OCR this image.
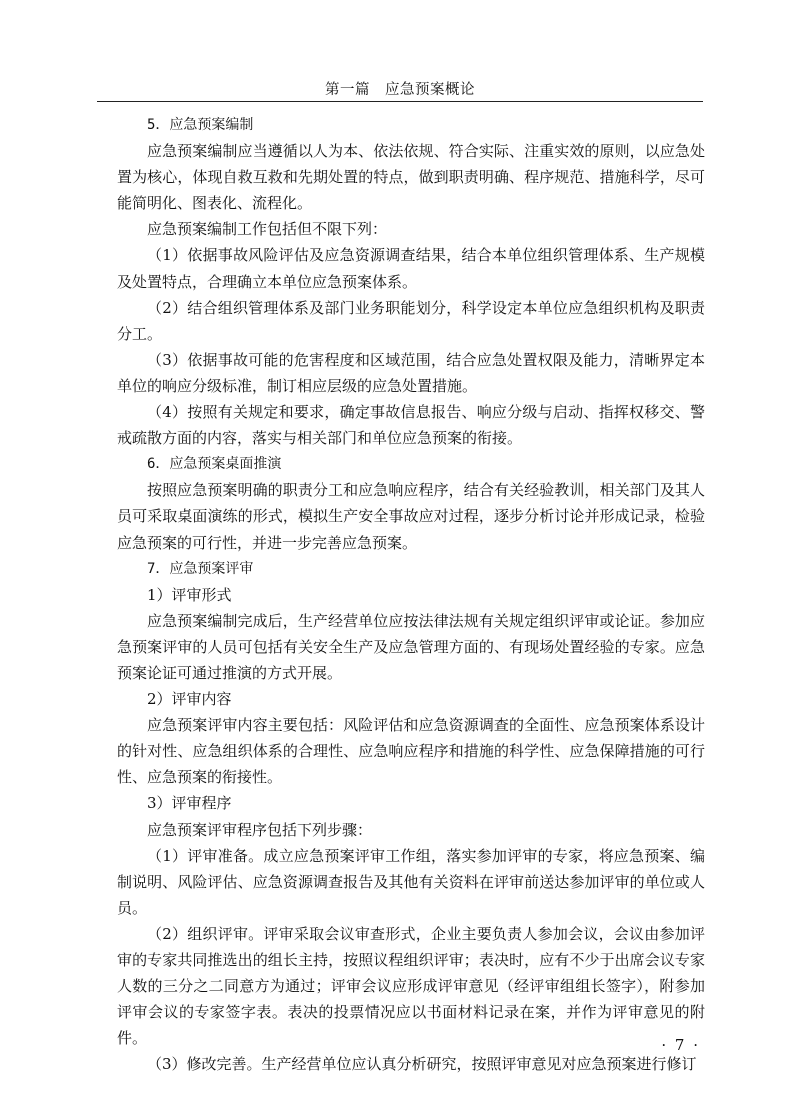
第一篇　应急预案概论

5．应急预案编制

应急预案编制应当遵循以人为本、依法依规、符合实际、注重实效的原则，以应急处置为核心，体现自救互救和先期处置的特点，做到职责明确、程序规范、措施科学，尽可能简明化、图表化、流程化。

应急预案编制工作包括但不限下列：

（1）依据事故风险评估及应急资源调查结果，结合本单位组织管理体系、生产规模及处置特点，合理确立本单位应急预案体系。

（2）结合组织管理体系及部门业务职能划分，科学设定本单位应急组织机构及职责分工。

（3）依据事故可能的危害程度和区域范围，结合应急处置权限及能力，清晰界定本单位的响应分级标准，制订相应层级的应急处置措施。

（4）按照有关规定和要求，确定事故信息报告、响应分级与启动、指挥权移交、警戒疏散方面的内容，落实与相关部门和单位应急预案的衔接。

6．应急预案桌面推演

按照应急预案明确的职责分工和应急响应程序，结合有关经验教训，相关部门及其人员可采取桌面演练的形式，模拟生产安全事故应对过程，逐步分析讨论并形成记录，检验应急预案的可行性，并进一步完善应急预案。

7．应急预案评审

1）评审形式

应急预案编制完成后，生产经营单位应按法律法规有关规定组织评审或论证。参加应急预案评审的人员可包括有关安全生产及应急管理方面的、有现场处置经验的专家。应急预案论证可通过推演的方式开展。

2）评审内容

应急预案评审内容主要包括：风险评估和应急资源调查的全面性、应急预案体系设计的针对性、应急组织体系的合理性、应急响应程序和措施的科学性、应急保障措施的可行性、应急预案的衔接性。

3）评审程序

应急预案评审程序包括下列步骤：

（1）评审准备。成立应急预案评审工作组，落实参加评审的专家，将应急预案、编制说明、风险评估、应急资源调查报告及其他有关资料在评审前送达参加评审的单位或人员。

（2）组织评审。评审采取会议审查形式，企业主要负责人参加会议，会议由参加评审的专家共同推选出的组长主持，按照议程组织评审；表决时，应有不少于出席会议专家人数的三分之二同意方为通过；评审会议应形成评审意见（经评审组组长签字），附参加评审会议的专家签字表。表决的投票情况应以书面材料记录在案，并作为评审意见的附件。

（3）修改完善。生产经营单位应认真分析研究，按照评审意见对应急预案进行修订

· 7 ·
